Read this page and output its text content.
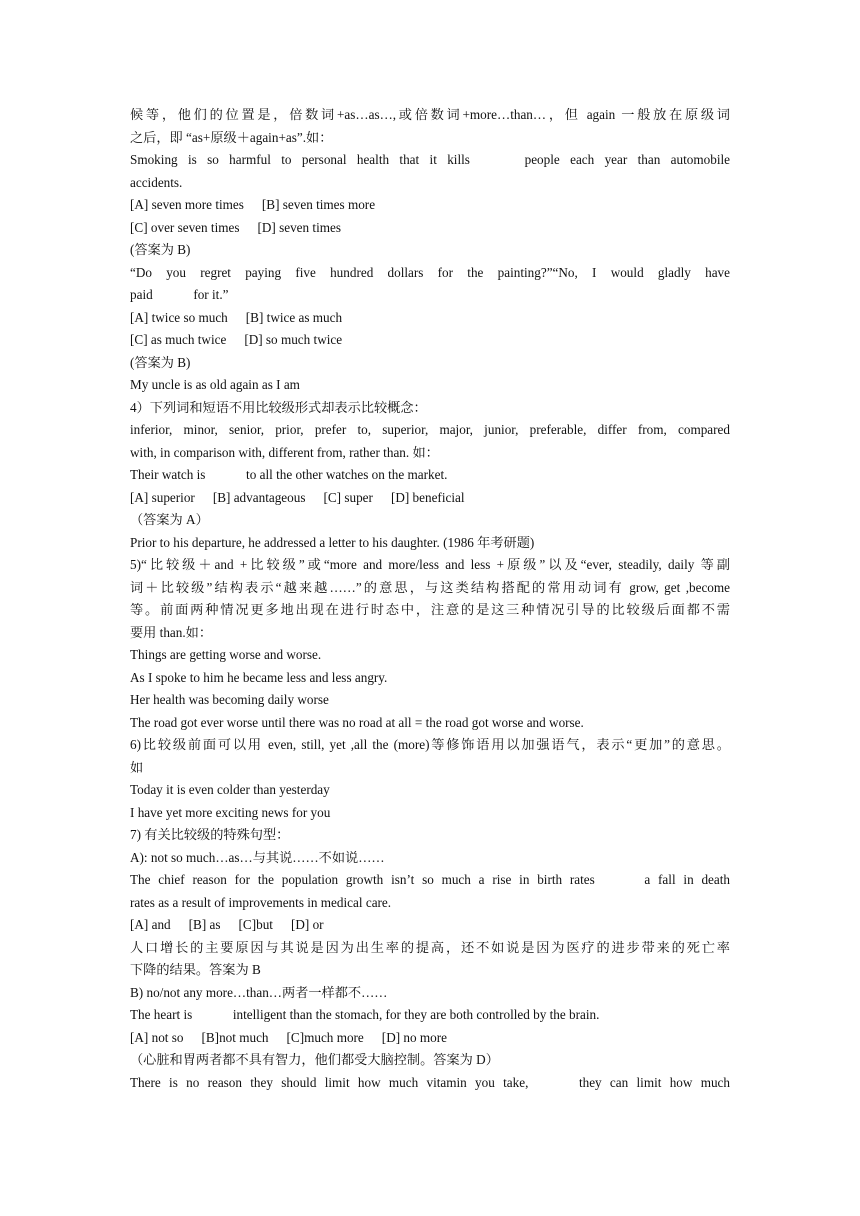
候等，他们的位置是，倍数词+as…as…,或倍数词+more…than…，但 again 一般放在原级词
之后，即 “as+原级＋again+as”.如：
Smoking is so harmful to personal health that it kills	people each year than automobile
accidents.
[A] seven more times [B] seven times more
[C] over seven times [D] seven times
(答案为 B)
“Do you regret paying five hundred dollars for the painting?”“No, I would gladly have
paid	for it.”
[A] twice so much [B] twice as much
[C] as much twice [D] so much twice
(答案为 B)
My uncle is as old again as I am
4）下列词和短语不用比较级形式却表示比较概念：
inferior, minor, senior, prior, prefer to, superior, major, junior, preferable, differ from, compared
with, in comparison with, different from, rather than. 如：
Their watch is	to all the other watches on the market.
[A] superior [B] advantageous [C] super [D] beneficial
（答案为 A）
Prior to his departure, he addressed a letter to his daughter. (1986 年考研题)
5)“比较级＋and +比较级”或“more and more/less and less +原级”以及“ever, steadily, daily 等副
词＋比较级”结构表示“越来越……”的意思，与这类结构搭配的常用动词有 grow, get ,become
等。前面两种情况更多地出现在进行时态中，注意的是这三种情况引导的比较级后面都不需
要用 than.如：
Things are getting worse and worse.
As I spoke to him he became less and less angry.
Her health was becoming daily worse
The road got ever worse until there was no road at all = the road got worse and worse.
6)比较级前面可以用 even, still, yet ,all the (more)等修饰语用以加强语气，表示“更加”的意思。
如
Today it is even colder than yesterday
I have yet more exciting news for you
7) 有关比较级的特殊句型：
A): not so much…as…与其说……不如说……
The chief reason for the population growth isn’t so much a rise in birth rates	a fall in death
rates as a result of improvements in medical care.
[A] and [B] as [C]but [D] or
人口增长的主要原因与其说是因为出生率的提高，还不如说是因为医疗的进步带来的死亡率
下降的结果。答案为 B
B) no/not any more…than…两者一样都不……
The heart is	intelligent than the stomach, for they are both controlled by the brain.
[A] not so [B]not much [C]much more [D] no more
（心脏和胃两者都不具有智力，他们都受大脑控制。答案为 D）
There is no reason they should limit how much vitamin you take,	they can limit how much
